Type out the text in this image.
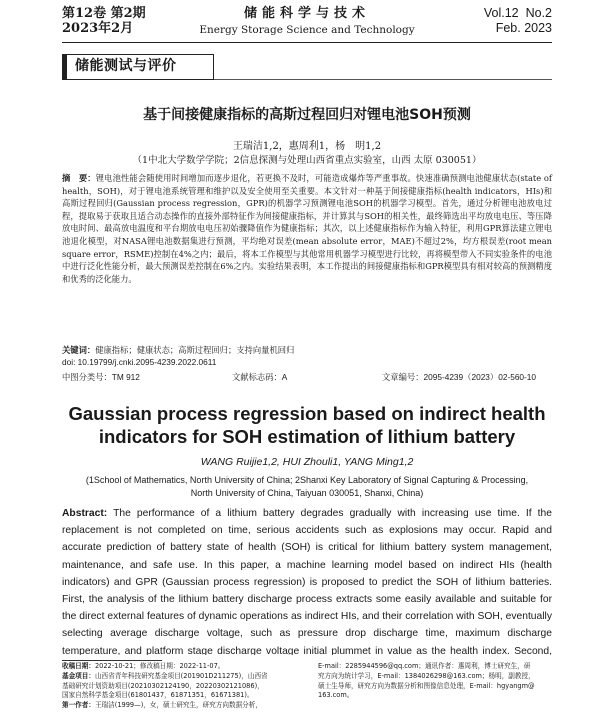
第12卷 第2期
2023年2月
储能科学与技术
Energy Storage Science and Technology
Vol.12 No.2
Feb. 2023
储能测试与评价
基于间接健康指标的高斯过程回归对锂电池SOH预测
王瑞洁1,2，惠周利1，杨　明1,2
（1中北大学数学学院；2信息探测与处理山西省重点实验室，山西 太原 030051）
摘　要：锂电池性能会随使用时间增加而逐步退化，若更换不及时，可能造成爆炸等严重事故。快速准确预测电池健康状态(state of health，SOH)，对于锂电池系统管理和维护以及安全使用至关重要。本文针对一种基于间接健康指标(health indicators，HIs)和高斯过程回归(Gaussian process regression，GPR)的机器学习预测锂电池SOH的机器学习模型。首先，通过分析锂电池放电过程，提取易于获取且适合动态操作的直接外部特征作为间接健康指标，并计算其与SOH的相关性，最终筛选出平均放电电压、等压降放电时间、最高放电温度和平台期放电电压初始骤降值作为健康指标；其次，以上述健康指标作为输入特征，利用GPR算法建立锂电池退化模型，对NASA锂电池数据集进行预测，平均绝对误差(mean absolute error，MAE)不超过2%，均方根误差(root mean square error，RSME)控制在4%之内；最后，将本工作模型与其他常用机器学习模型进行比较，再将模型带入不同实验条件的电池中进行泛化性能分析，最大预测误差控制在6%之内。实验结果表明，本工作提出的间接健康指标和GPR模型具有相对较高的预测精度和优秀的泛化能力。
关键词：健康指标；健康状态；高斯过程回归；支持向量机回归
doi: 10.19799/j.cnki.2095-4239.2022.0611
中图分类号：TM 912	文献标志码：A	文章编号：2095-4239（2023）02-560-10
Gaussian process regression based on indirect health
indicators for SOH estimation of lithium battery
WANG Ruijie1,2, HUI Zhouli1, YANG Ming1,2
(1School of Mathematics, North University of China; 2Shanxi Key Laboratory of Signal Capturing & Processing,
North University of China, Taiyuan 030051, Shanxi, China)
Abstract: The performance of a lithium battery degrades gradually with increasing use time. If the replacement is not completed on time, serious accidents such as explosions may occur. Rapid and accurate prediction of battery state of health (SOH) is critical for lithium battery system management, maintenance, and safe use. In this paper, a machine learning model based on indirect HIs (health indicators) and GPR (Gaussian process regression) is proposed to predict the SOH of lithium batteries. First, the analysis of the lithium battery discharge process extracts some easily available and suitable for the direct external features of dynamic operations as indirect HIs, and their correlation with SOH, eventually selecting average discharge voltage, such as pressure drop discharge time, maximum discharge temperature, and platform stage discharge voltage initial plummet in value as the health index. Second,
收稿日期：2022-10-21；修改稿日期：2022-11-07。
基金项目：山西省青年科技研究基金项目(201901D211275)，山西省
基础研究计划资助项目(20210302124190，20220302121086)，
国家自然科学基金项目(61801437，61871351，61671381)。
第一作者：王瑞洁(1999—)，女，硕士研究生，研究方向数据分析，
E-mail：2285944596@qq.com；通讯作者：惠周利，博士研究生，研
究方向为统计学习，E-mail：1384026298@163.com；杨明，副教授，
硕士生导师，研究方向为数据分析和图像信息处理，E-mail：hgyangm@
163.com。
